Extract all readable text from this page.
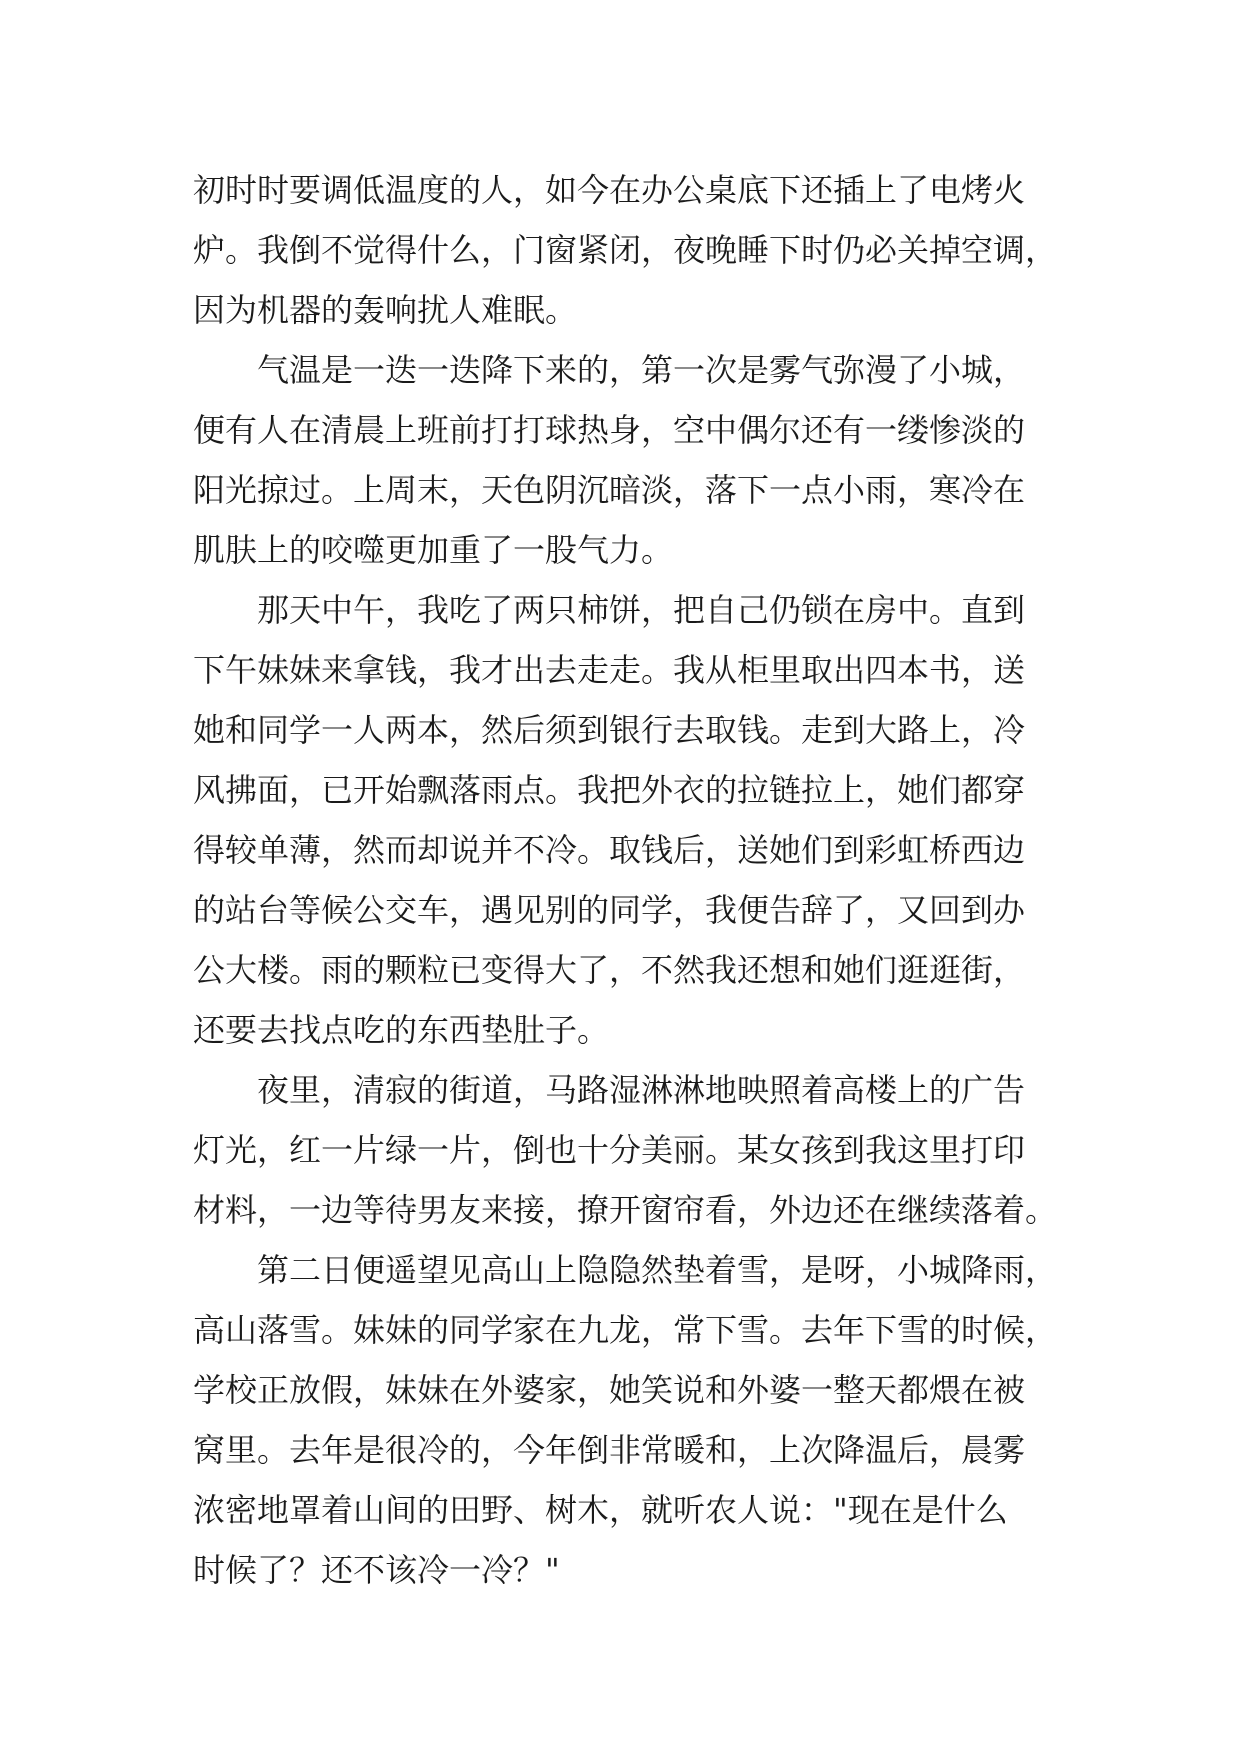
初时时要调低温度的人，如今在办公桌底下还插上了电烤火
炉。我倒不觉得什么，门窗紧闭，夜晚睡下时仍必关掉空调，
因为机器的轰响扰人难眠。
气温是一迭一迭降下来的，第一次是雾气弥漫了小城，
便有人在清晨上班前打打球热身，空中偶尔还有一缕惨淡的
阳光掠过。上周末，天色阴沉暗淡，落下一点小雨，寒冷在
肌肤上的咬噬更加重了一股气力。
那天中午，我吃了两只柿饼，把自己仍锁在房中。直到
下午妹妹来拿钱，我才出去走走。我从柜里取出四本书，送
她和同学一人两本，然后须到银行去取钱。走到大路上，冷
风拂面，已开始飘落雨点。我把外衣的拉链拉上，她们都穿
得较单薄，然而却说并不冷。取钱后，送她们到彩虹桥西边
的站台等候公交车，遇见别的同学，我便告辞了，又回到办
公大楼。雨的颗粒已变得大了，不然我还想和她们逛逛街，
还要去找点吃的东西垫肚子。
夜里，清寂的街道，马路湿淋淋地映照着高楼上的广告
灯光，红一片绿一片，倒也十分美丽。某女孩到我这里打印
材料，一边等待男友来接，撩开窗帘看，外边还在继续落着。
第二日便遥望见高山上隐隐然垫着雪，是呀，小城降雨，
高山落雪。妹妹的同学家在九龙，常下雪。去年下雪的时候，
学校正放假，妹妹在外婆家，她笑说和外婆一整天都煨在被
窝里。去年是很冷的，今年倒非常暖和，上次降温后，晨雾
浓密地罩着山间的田野、树木，就听农人说："现在是什么
时候了？还不该冷一冷？"
